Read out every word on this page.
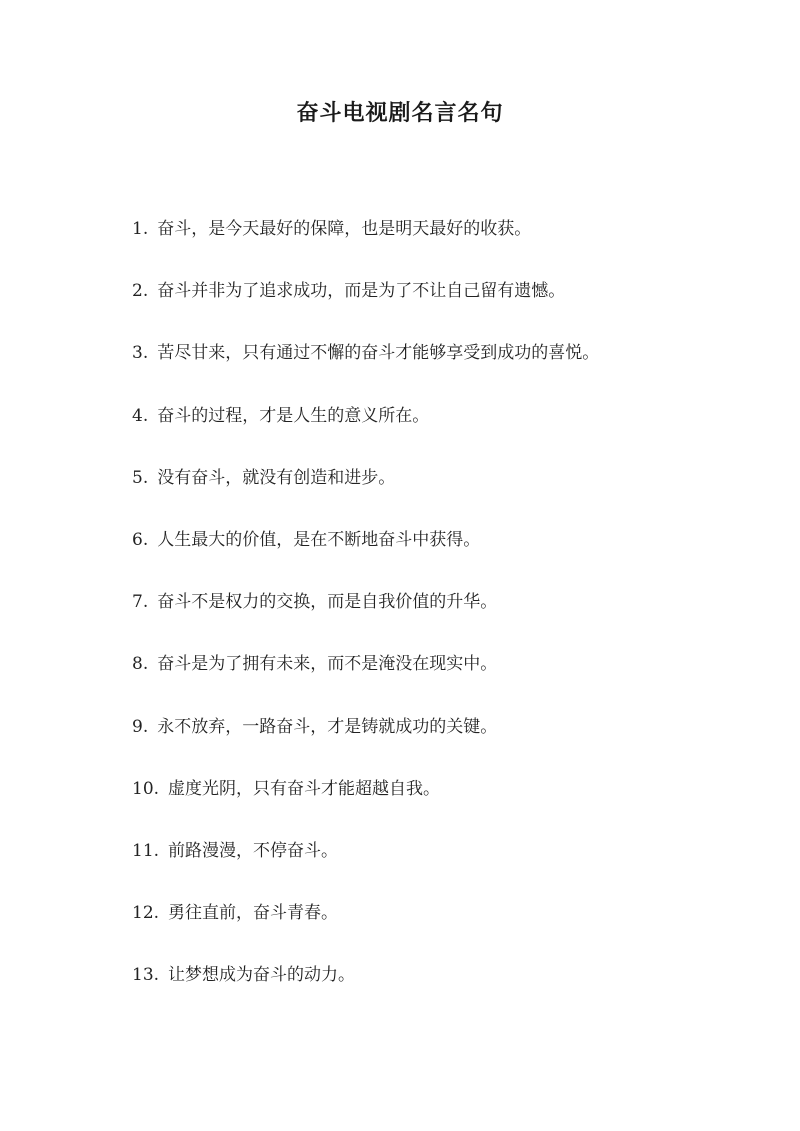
奋斗电视剧名言名句
1. 奋斗，是今天最好的保障，也是明天最好的收获。
2. 奋斗并非为了追求成功，而是为了不让自己留有遗憾。
3. 苦尽甘来，只有通过不懈的奋斗才能够享受到成功的喜悦。
4. 奋斗的过程，才是人生的意义所在。
5. 没有奋斗，就没有创造和进步。
6. 人生最大的价值，是在不断地奋斗中获得。
7. 奋斗不是权力的交换，而是自我价值的升华。
8. 奋斗是为了拥有未来，而不是淹没在现实中。
9. 永不放弃，一路奋斗，才是铸就成功的关键。
10. 虚度光阴，只有奋斗才能超越自我。
11. 前路漫漫，不停奋斗。
12. 勇往直前，奋斗青春。
13. 让梦想成为奋斗的动力。
